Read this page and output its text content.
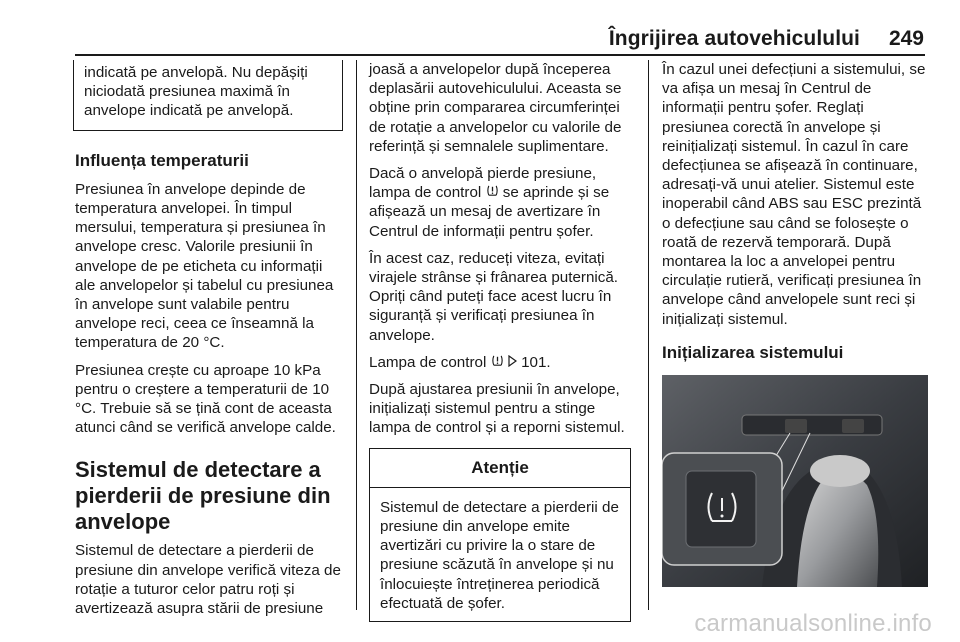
Îngrijirea autovehiculului 249

indicată pe anvelopă. Nu depășiți niciodată presiunea maximă în anvelope indicată pe anvelopă.

Influența temperaturii

Presiunea în anvelope depinde de temperatura anvelopei. În timpul mersului, temperatura și presiunea în anvelope cresc. Valorile presiunii în anvelope de pe eticheta cu informații ale anvelopelor și tabelul cu presiunea în anvelope sunt valabile pentru anvelope reci, ceea ce înseamnă la temperatura de 20 °C.

Presiunea crește cu aproape 10 kPa pentru o creștere a temperaturii de 10 °C. Trebuie să se țină cont de aceasta atunci când se verifică anvelope calde.

Sistemul de detectare a pierderii de presiune din anvelope

Sistemul de detectare a pierderii de presiune din anvelope verifică viteza de rotație a tuturor celor patru roți și avertizează asupra stării de presiune

joasă a anvelopelor după începerea deplasării autovehiculului. Aceasta se obține prin compararea circumferinței de rotație a anvelopelor cu valorile de referință și semnalele suplimentare.

Dacă o anvelopă pierde presiune, lampa de control se aprinde și se afișează un mesaj de avertizare în Centrul de informații pentru șofer.

În acest caz, reduceți viteza, evitați virajele strânse și frânarea puternică. Opriți când puteți face acest lucru în siguranță și verificați presiunea în anvelope.

Lampa de control 101.

După ajustarea presiunii în anvelope, inițializați sistemul pentru a stinge lampa de control și a reporni sistemul.

Atenție
Sistemul de detectare a pierderii de presiune din anvelope emite avertizări cu privire la o stare de presiune scăzută în anvelope și nu înlocuiește întreținerea periodică efectuată de șofer.

În cazul unei defecțiuni a sistemului, se va afișa un mesaj în Centrul de informații pentru șofer. Reglați presiunea corectă în anvelope și reinițializați sistemul. În cazul în care defecțiunea se afișează în continuare, adresați-vă unui atelier. Sistemul este inoperabil când ABS sau ESC prezintă o defecțiune sau când se folosește o roată de rezervă temporară. După montarea la loc a anvelopei pentru circulație rutieră, verificați presiunea în anvelope când anvelopele sunt reci și inițializați sistemul.

Inițializarea sistemului
carmanualsonline.info
